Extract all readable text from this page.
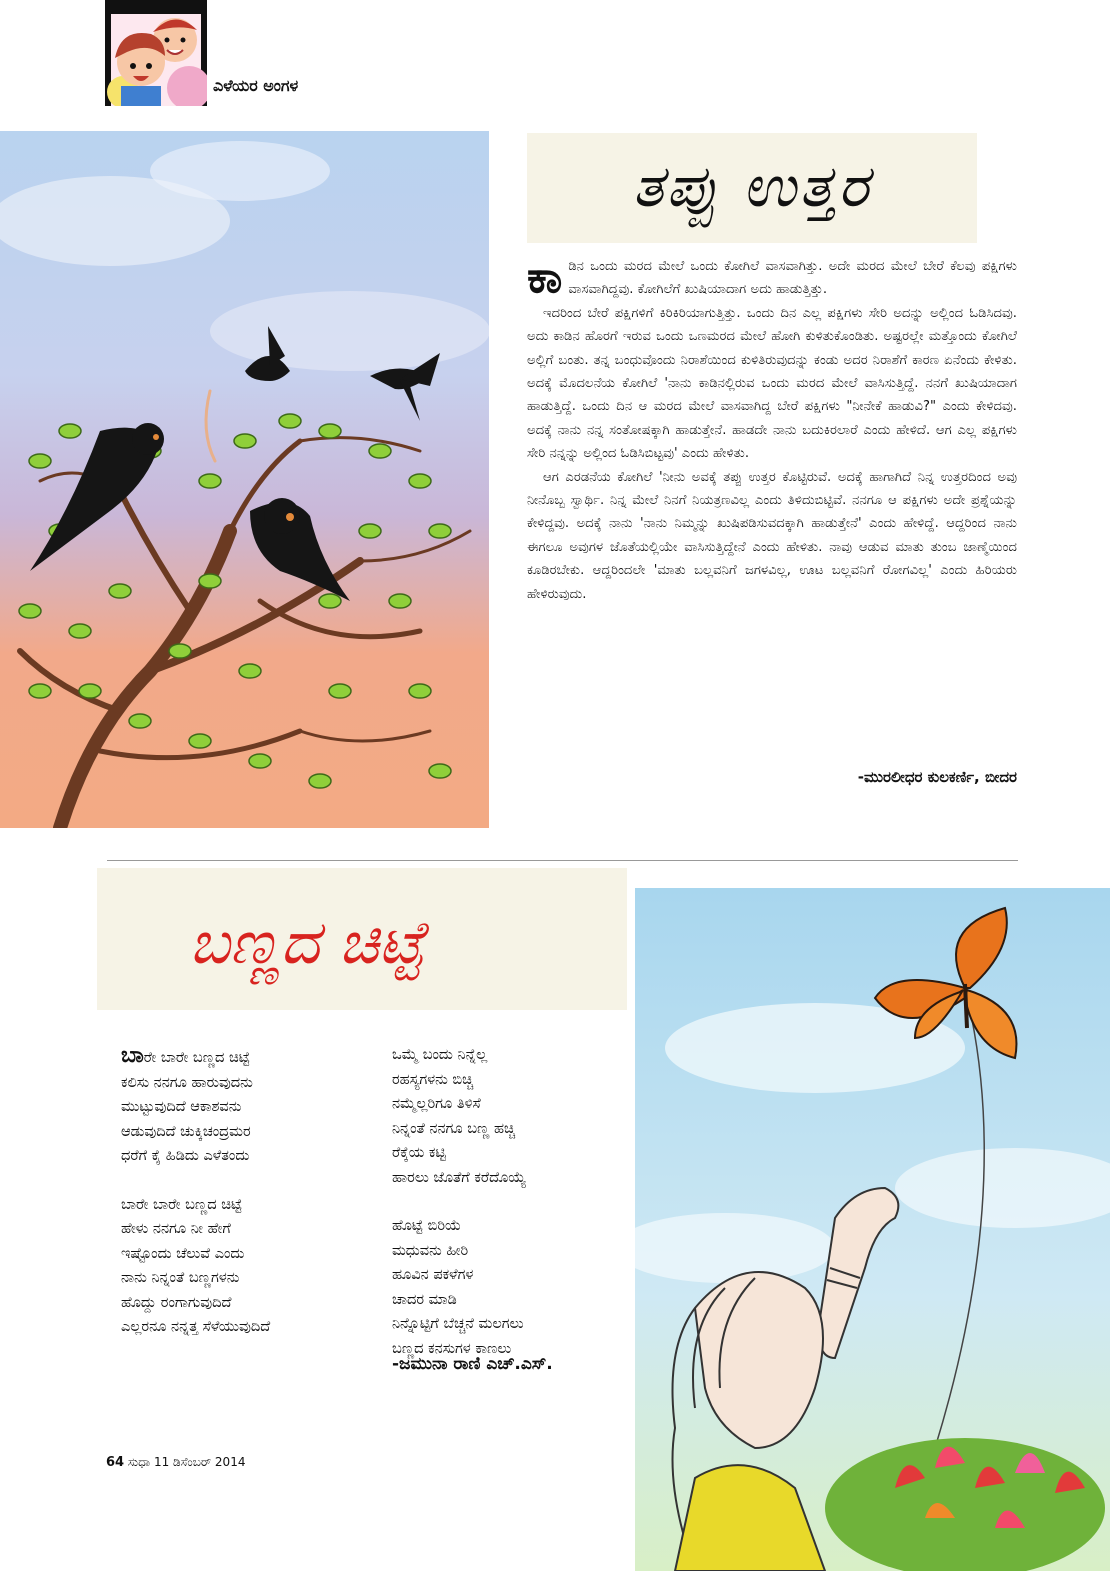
ಎಳೆಯರ ಅಂಗಳ
ತಪ್ಪು ಉತ್ತರ

ಕಾಡಿನ ಒಂದು ಮರದ ಮೇಲೆ ಒಂದು ಕೋಗಿಲೆ ವಾಸವಾಗಿತ್ತು. ಅದೇ ಮರದ ಮೇಲೆ ಬೇರೆ ಕೆಲವು ಪಕ್ಷಿಗಳು ವಾಸವಾಗಿದ್ದವು. ಕೋಗಿಲೆಗೆ ಖುಷಿಯಾದಾಗ ಅದು ಹಾಡುತ್ತಿತ್ತು.

ಇದರಿಂದ ಬೇರೆ ಪಕ್ಷಿಗಳಿಗೆ ಕಿರಿಕಿರಿಯಾಗುತ್ತಿತ್ತು. ಒಂದು ದಿನ ಎಲ್ಲ ಪಕ್ಷಿಗಳು ಸೇರಿ ಅದನ್ನು ಅಲ್ಲಿಂದ ಓಡಿಸಿದವು. ಅದು ಕಾಡಿನ ಹೊರಗೆ ಇರುವ ಒಂದು ಒಣಮರದ ಮೇಲೆ ಹೋಗಿ ಕುಳಿತುಕೊಂಡಿತು. ಅಷ್ಟರಲ್ಲೇ ಮತ್ತೊಂದು ಕೋಗಿಲೆ ಅಲ್ಲಿಗೆ ಬಂತು. ತನ್ನ ಬಂಧುವೊಂದು ನಿರಾಶೆಯಿಂದ ಕುಳಿತಿರುವುದನ್ನು ಕಂಡು ಅದರ ನಿರಾಶೆಗೆ ಕಾರಣ ಏನೆಂದು ಕೇಳಿತು. ಅದಕ್ಕೆ ಮೊದಲನೆಯ ಕೋಗಿಲೆ 'ನಾನು ಕಾಡಿನಲ್ಲಿರುವ ಒಂದು ಮರದ ಮೇಲೆ ವಾಸಿಸುತ್ತಿದ್ದೆ. ನನಗೆ ಖುಷಿಯಾದಾಗ ಹಾಡುತ್ತಿದ್ದೆ. ಒಂದು ದಿನ ಆ ಮರದ ಮೇಲೆ ವಾಸವಾಗಿದ್ದ ಬೇರೆ ಪಕ್ಷಿಗಳು "ನೀನೇಕೆ ಹಾಡುವಿ?" ಎಂದು ಕೇಳಿದವು. ಅದಕ್ಕೆ ನಾನು ನನ್ನ ಸಂತೋಷಕ್ಕಾಗಿ ಹಾಡುತ್ತೇನೆ. ಹಾಡದೇ ನಾನು ಬದುಕಿರಲಾರೆ ಎಂದು ಹೇಳಿದೆ. ಆಗ ಎಲ್ಲ ಪಕ್ಷಿಗಳು ಸೇರಿ ನನ್ನನ್ನು ಅಲ್ಲಿಂದ ಓಡಿಸಿಬಿಟ್ಟವು' ಎಂದು ಹೇಳಿತು.

ಆಗ ಎರಡನೆಯ ಕೋಗಿಲೆ 'ನೀನು ಅವಕ್ಕೆ ತಪ್ಪು ಉತ್ತರ ಕೊಟ್ಟಿರುವೆ. ಅದಕ್ಕೆ ಹಾಗಾಗಿದೆ ನಿನ್ನ ಉತ್ತರದಿಂದ ಅವು ನೀನೊಬ್ಬ ಸ್ವಾರ್ಥಿ. ನಿನ್ನ ಮೇಲೆ ನಿನಗೆ ನಿಯತ್ರಣವಿಲ್ಲ ಎಂದು ತಿಳಿದುಬಿಟ್ಟಿವೆ. ನನಗೂ ಆ ಪಕ್ಷಿಗಳು ಅದೇ ಪ್ರಶ್ನೆಯನ್ನು ಕೇಳಿದ್ದವು. ಅದಕ್ಕೆ ನಾನು 'ನಾನು ನಿಮ್ಮನ್ನು ಖುಷಿಪಡಿಸುವದಕ್ಕಾಗಿ ಹಾಡುತ್ತೇನೆ' ಎಂದು ಹೇಳಿದ್ದೆ. ಆದ್ದರಿಂದ ನಾನು ಈಗಲೂ ಅವುಗಳ ಜೊತೆಯಲ್ಲಿಯೇ ವಾಸಿಸುತ್ತಿದ್ದೇನೆ ಎಂದು ಹೇಳಿತು. ನಾವು ಆಡುವ ಮಾತು ತುಂಬ ಜಾಣ್ಮೆಯಿಂದ ಕೂಡಿರಬೇಕು. ಆದ್ದರಿಂದಲೇ 'ಮಾತು ಬಲ್ಲವನಿಗೆ ಜಗಳವಿಲ್ಲ, ಊಟ ಬಲ್ಲವನಿಗೆ ರೋಗವಿಲ್ಲ' ಎಂದು ಹಿರಿಯರು ಹೇಳಿರುವುದು.

-ಮುರಲೀಧರ ಕುಲಕರ್ಣಿ, ಬೀದರ
ಬಣ್ಣದ ಚಿಟ್ಟೆ
ಬಾರೇ ಬಾರೇ ಬಣ್ಣದ ಚಿಟ್ಟೆ
ಕಲಿಸು ನನಗೂ ಹಾರುವುದನು
ಮುಟ್ಟುವುದಿದೆ ಆಕಾಶವನು
ಆಡುವುದಿದೆ ಚುಕ್ಕಿಚಂದ್ರಮರ
ಧರೆಗೆ ಕೈ ಹಿಡಿದು ಎಳೆತಂದು
ಬಾರೇ ಬಾರೇ ಬಣ್ಣದ ಚಿಟ್ಟೆ
ಹೇಳು ನನಗೂ ನೀ ಹೇಗೆ
ಇಷ್ಟೊಂದು ಚೆಲುವೆ ಎಂದು
ನಾನು ನಿನ್ನಂತೆ ಬಣ್ಣಗಳನು
ಹೊದ್ದು ರಂಗಾಗುವುದಿದೆ
ಎಲ್ಲರನೂ ನನ್ನತ್ತ ಸೆಳೆಯುವುದಿದೆ
ಒಮ್ಮೆ ಬಂದು ನಿನ್ನೆಲ್ಲ
ರಹಸ್ಯಗಳನು ಬಿಚ್ಚಿ
ನಮ್ಮೆಲ್ಲರಿಗೂ ತಿಳಿಸೆ
ನಿನ್ನಂತೆ ನನಗೂ ಬಣ್ಣ ಹಚ್ಚಿ
ರೆಕ್ಕೆಯ ಕಟ್ಟಿ
ಹಾರಲು ಜೊತೆಗೆ ಕರೆದೊಯ್ಯೆ
ಹೊಟ್ಟೆ ಬಿರಿಯೆ
ಮಧುವನು ಹೀರಿ
ಹೂವಿನ ಪಕಳೆಗಳ
ಚಾದರ ಮಾಡಿ
ನಿನ್ನೊಟ್ಟಿಗೆ ಬೆಚ್ಚನೆ ಮಲಗಲು
ಬಣ್ಣದ ಕನಸುಗಳ ಕಾಣಲು
-ಜಮುನಾ ರಾಣಿ ಎಚ್.ಎಸ್.
64 ಸುಧಾ 11 ಡಿಸೆಂಬರ್ 2014
